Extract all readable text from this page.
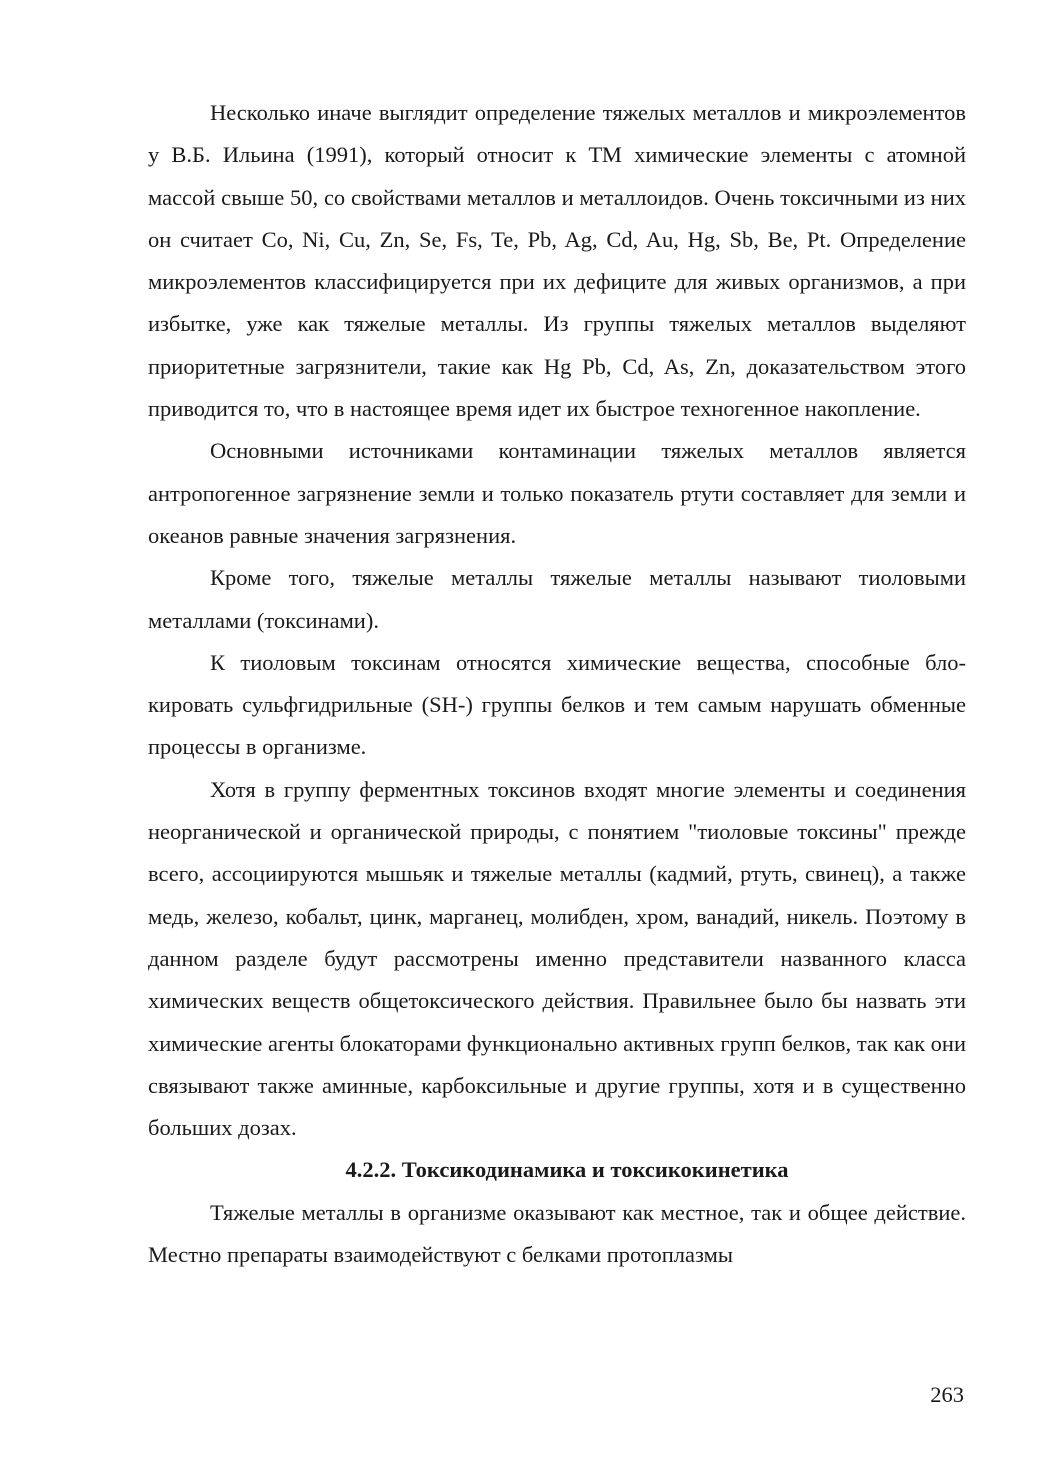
Несколько иначе выглядит определение тяжелых металлов и микроэлементов у В.Б. Ильина (1991), который относит к ТМ химические элементы с атомной массой свыше 50, со свойствами металлов и металлоидов. Очень токсичными из них он считает Co, Ni, Cu, Zn, Se, Fs, Te, Pb, Ag, Cd, Au, Hg, Sb, Be, Pt. Определение микроэлементов классифицируется при их дефиците для живых организмов, а при избытке, уже как тяжелые металлы. Из группы тяжелых металлов выделяют приоритетные загрязнители, такие как Hg Pb, Cd, As, Zn, доказательством этого приводится то, что в настоящее время идет их быстрое техногенное накопление.

Основными источниками контаминации тяжелых металлов является антропогенное загрязнение земли и только показатель ртути составляет для земли и океанов равные значения загрязнения.

Кроме того, тяжелые металлы тяжелые металлы называют тиоловыми металлами (токсинами).

К тиоловым токсинам относятся химические вещества, способные блокировать сульфгидрильные (SH-) группы белков и тем самым нарушать обменные процессы в организме.

Хотя в группу ферментных токсинов входят многие элементы и соединения неорганической и органической природы, с понятием "тиоловые токсины" прежде всего, ассоциируются мышьяк и тяжелые металлы (кадмий, ртуть, свинец), а также медь, железо, кобальт, цинк, марганец, молибден, хром, ванадий, никель. Поэтому в данном разделе будут рассмотрены именно представители названного класса химических веществ общетоксического действия. Правильнее было бы назвать эти химические агенты блокаторами функционально активных групп белков, так как они связывают также аминные, карбоксильные и другие группы, хотя и в существенно больших дозах.

4.2.2. Токсикодинамика и токсикокинетика

Тяжелые металлы в организме оказывают как местное, так и общее действие. Местно препараты взаимодействуют с белками протоплазмы

263
